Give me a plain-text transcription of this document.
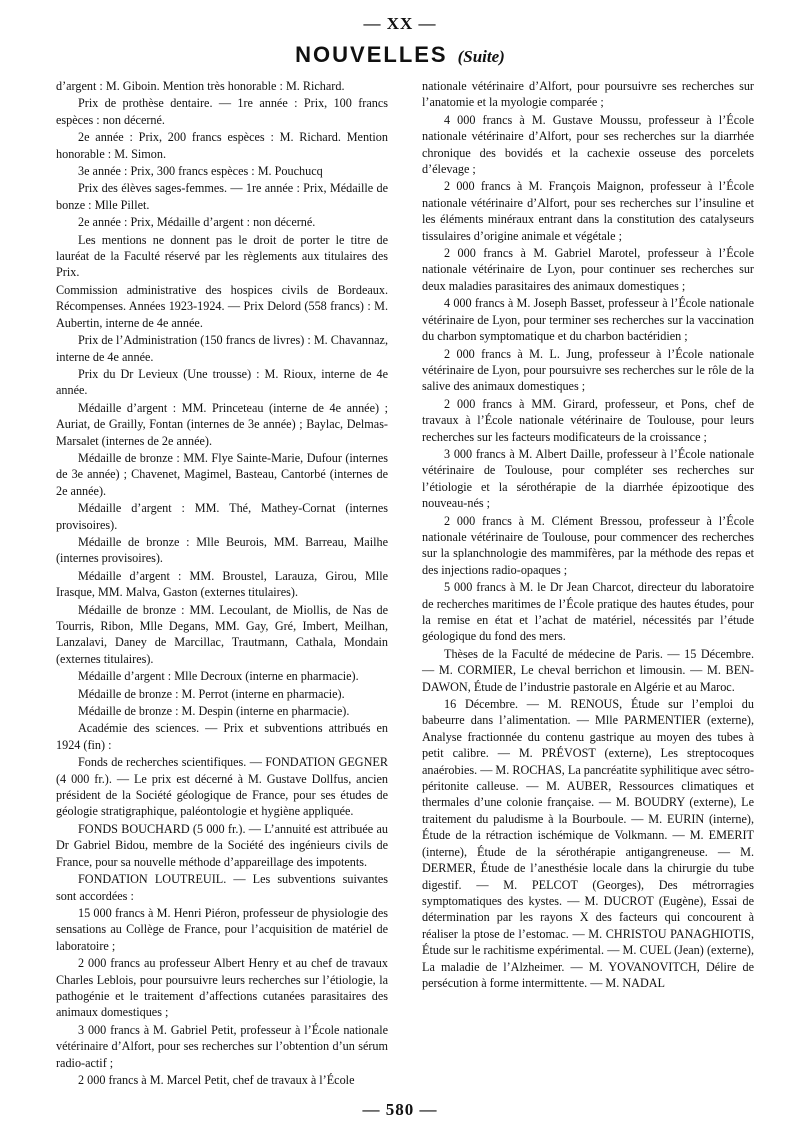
— XX —
NOUVELLES (Suite)

d’argent : M. Giboin. Mention très honorable : M. Richard.

Prix de prothèse dentaire. — 1re année : Prix, 100 francs espèces : non décerné.

2e année : Prix, 200 francs espèces : M. Richard. Mention honorable : M. Simon.

3e année : Prix, 300 francs espèces : M. Pouchucq

Prix des élèves sages-femmes. — 1re année : Prix, Médaille de bonze : Mlle Pillet.

2e année : Prix, Médaille d’argent : non décerné.

Les mentions ne donnent pas le droit de porter le titre de lauréat de la Faculté réservé par les règlements aux titulaires des Prix.

Commission administrative des hospices civils de Bordeaux. Récompenses. Années 1923-1924. — Prix Delord (558 francs) : M. Aubertin, interne de 4e année.

Prix de l’Administration (150 francs de livres) : M. Chavannaz, interne de 4e année.

Prix du Dr Levieux (Une trousse) : M. Rioux, interne de 4e année.

Médaille d’argent : MM. Princeteau (interne de 4e année) ; Auriat, de Grailly, Fontan (internes de 3e année) ; Baylac, Delmas-Marsalet (internes de 2e année).

Médaille de bronze : MM. Flye Sainte-Marie, Dufour (internes de 3e année) ; Chavenet, Magimel, Basteau, Cantorbé (internes de 2e année).

Médaille d’argent : MM. Thé, Mathey-Cornat (internes provisoires).

Médaille de bronze : Mlle Beurois, MM. Barreau, Mailhe (internes provisoires).

Médaille d’argent : MM. Broustel, Larauza, Girou, Mlle Irasque, MM. Malva, Gaston (externes titulaires).

Médaille de bronze : MM. Lecoulant, de Miollis, de Nas de Tourris, Ribon, Mlle Degans, MM. Gay, Gré, Imbert, Meilhan, Lanzalavi, Daney de Marcillac, Trautmann, Cathala, Mondain (externes titulaires).

Médaille d’argent : Mlle Decroux (interne en pharmacie).

Médaille de bronze : M. Perrot (interne en pharmacie).

Médaille de bronze : M. Despin (interne en pharmacie).

Académie des sciences. — Prix et subventions attribués en 1924 (fin) :

Fonds de recherches scientifiques. — FONDATION GEGNER (4 000 fr.). — Le prix est décerné à M. Gustave Dollfus, ancien président de la Société géologique de France, pour ses études de géologie stratigraphique, paléontologie et hygiène appliquée.

FONDS BOUCHARD (5 000 fr.). — L’annuité est attribuée au Dr Gabriel Bidou, membre de la Société des ingénieurs civils de France, pour sa nouvelle méthode d’appareillage des impotents.

FONDATION LOUTREUIL. — Les subventions suivantes sont accordées :

15 000 francs à M. Henri Piéron, professeur de physiologie des sensations au Collège de France, pour l’acquisition de matériel de laboratoire ;

2 000 francs au professeur Albert Henry et au chef de travaux Charles Leblois, pour poursuivre leurs recherches sur l’étiologie, la pathogénie et le traitement d’affections cutanées parasitaires des animaux domestiques ;

3 000 francs à M. Gabriel Petit, professeur à l’École nationale vétérinaire d’Alfort, pour ses recherches sur l’obtention d’un sérum radio-actif ;

2 000 francs à M. Marcel Petit, chef de travaux à l’École

nationale vétérinaire d’Alfort, pour poursuivre ses recherches sur l’anatomie et la myologie comparée ;

4 000 francs à M. Gustave Moussu, professeur à l’École nationale vétérinaire d’Alfort, pour ses recherches sur la diarrhée chronique des bovidés et la cachexie osseuse des porcelets d’élevage ;

2 000 francs à M. François Maignon, professeur à l’École nationale vétérinaire d’Alfort, pour ses recherches sur l’insuline et les éléments minéraux entrant dans la constitution des catalyseurs tissulaires d’origine animale et végétale ;

2 000 francs à M. Gabriel Marotel, professeur à l’École nationale vétérinaire de Lyon, pour continuer ses recherches sur deux maladies parasitaires des animaux domestiques ;

4 000 francs à M. Joseph Basset, professeur à l’École nationale vétérinaire de Lyon, pour terminer ses recherches sur la vaccination du charbon symptomatique et du charbon bactéridien ;

2 000 francs à M. L. Jung, professeur à l’École nationale vétérinaire de Lyon, pour poursuivre ses recherches sur le rôle de la salive des animaux domestiques ;

2 000 francs à MM. Girard, professeur, et Pons, chef de travaux à l’École nationale vétérinaire de Toulouse, pour leurs recherches sur les facteurs modificateurs de la croissance ;

3 000 francs à M. Albert Daille, professeur à l’École nationale vétérinaire de Toulouse, pour compléter ses recherches sur l’étiologie et la sérothérapie de la diarrhée épizootique des nouveau-nés ;

2 000 francs à M. Clément Bressou, professeur à l’École nationale vétérinaire de Toulouse, pour commencer des recherches sur la splanchnologie des mammifères, par la méthode des repas et des injections radio-opaques ;

5 000 francs à M. le Dr Jean Charcot, directeur du laboratoire de recherches maritimes de l’École pratique des hautes études, pour la remise en état et l’achat de matériel, nécessités par l’étude géologique du fond des mers.

Thèses de la Faculté de médecine de Paris. — 15 Décembre. — M. CORMIER, Le cheval berrichon et limousin. — M. BEN-DAWON, Étude de l’industrie pastorale en Algérie et au Maroc.

16 Décembre. — M. RENOUS, Étude sur l’emploi du babeurre dans l’alimentation. — Mlle PARMENTIER (externe), Analyse fractionnée du contenu gastrique au moyen des tubes à petit calibre. — M. PRÉVOST (externe), Les streptocoques anaérobies. — M. ROCHAS, La pancréatite syphilitique avec sétro-péritonite calleuse. — M. AUBER, Ressources climatiques et thermales d’une colonie française. — M. BOUDRY (externe), Le traitement du paludisme à la Bourboule. — M. EURIN (interne), Étude de la rétraction ischémique de Volkmann. — M. EMERIT (interne), Étude de la sérothérapie antigangreneuse. — M. DERMER, Étude de l’anesthésie locale dans la chirurgie du tube digestif. — M. PELCOT (Georges), Des métrorragies symptomatiques des kystes. — M. DUCROT (Eugène), Essai de détermination par les rayons X des facteurs qui concourent à réaliser la ptose de l’estomac. — M. CHRISTOU PANAGHIOTIS, Étude sur le rachitisme expérimental. — M. CUEL (Jean) (externe), La maladie de l’Alzheimer. — M. YOVANOVITCH, Délire de persécution à forme intermittente. — M. NADAL

— 580 —
